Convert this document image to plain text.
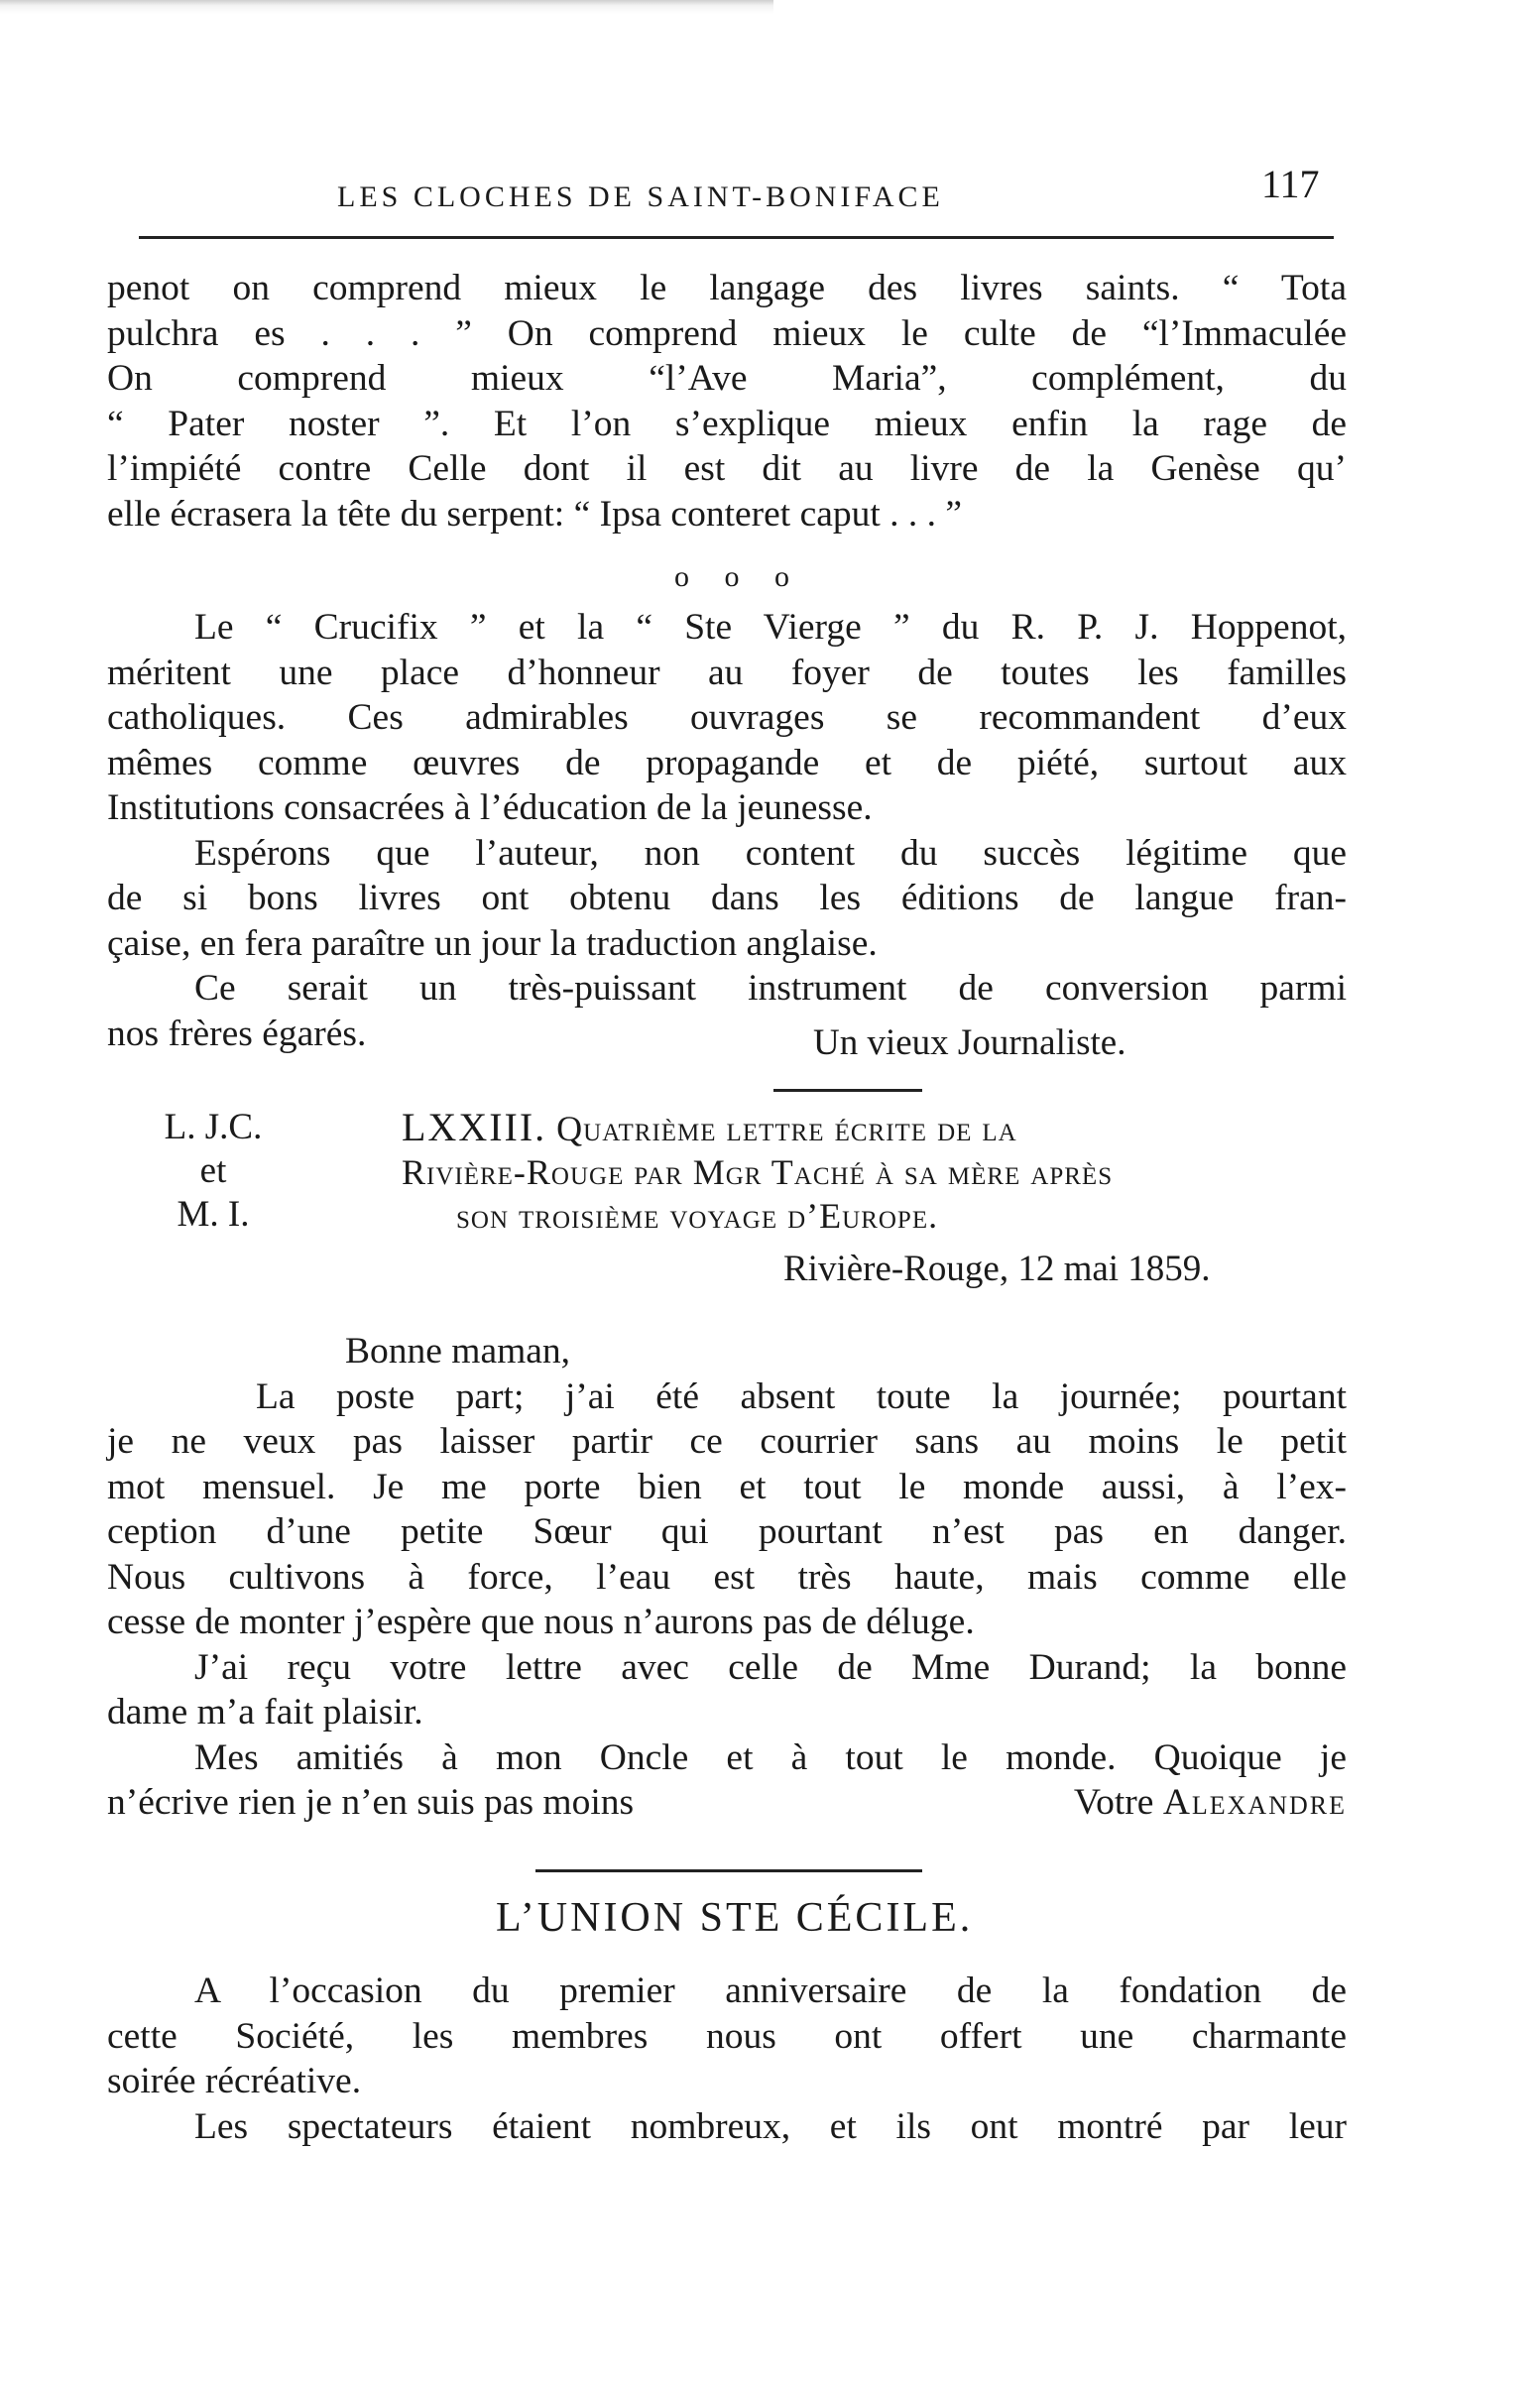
LES CLOCHES DE SAINT-BONIFACE	117
penot on comprend mieux le langage des livres saints. “ Tota
pulchra es . . . ” On comprend mieux le culte de “l’Immaculée
On comprend mieux “l’Ave Maria”, complément, du
“ Pater noster ”. Et l’on s’explique mieux enfin la rage de
l’impiété contre Celle dont il est dit au livre de la Genèse qu’
elle écrasera la tête du serpent: “ Ipsa conteret caput . . . ”
o o o
Le “ Crucifix ” et la “ Ste Vierge ” du R. P. J. Hoppenot,
méritent une place d’honneur au foyer de toutes les familles
catholiques. Ces admirables ouvrages se recommandent d’eux
mêmes comme œuvres de propagande et de piété, surtout aux
Institutions consacrées à l’éducation de la jeunesse.
Espérons que l’auteur, non content du succès légitime que
de si bons livres ont obtenu dans les éditions de langue fran-
çaise, en fera paraître un jour la traduction anglaise.
Ce serait un très-puissant instrument de conversion parmi
nos frères égarés.	Un vieux Journaliste.
L. J.C.
et
M. I.
LXXIII. Quatrième lettre écrite de la
Rivière-Rouge par Mgr Taché à sa mère après
son troisième voyage d’Europe.
Rivière-Rouge, 12 mai 1859.
Bonne maman,
La poste part; j’ai été absent toute la journée; pourtant
je ne veux pas laisser partir ce courrier sans au moins le petit
mot mensuel. Je me porte bien et tout le monde aussi, à l’ex-
ception d’une petite Sœur qui pourtant n’est pas en danger.
Nous cultivons à force, l’eau est très haute, mais comme elle
cesse de monter j’espère que nous n’aurons pas de déluge.
J’ai reçu votre lettre avec celle de Mme Durand; la bonne
dame m’a fait plaisir.
Mes amitiés à mon Oncle et à tout le monde. Quoique je
n’écrive rien je n’en suis pas moins	Votre Alexandre
L’UNION STE CÉCILE.
A l’occasion du premier anniversaire de la fondation de
cette Société, les membres nous ont offert une charmante
soirée récréative.
Les spectateurs étaient nombreux, et ils ont montré par leur
